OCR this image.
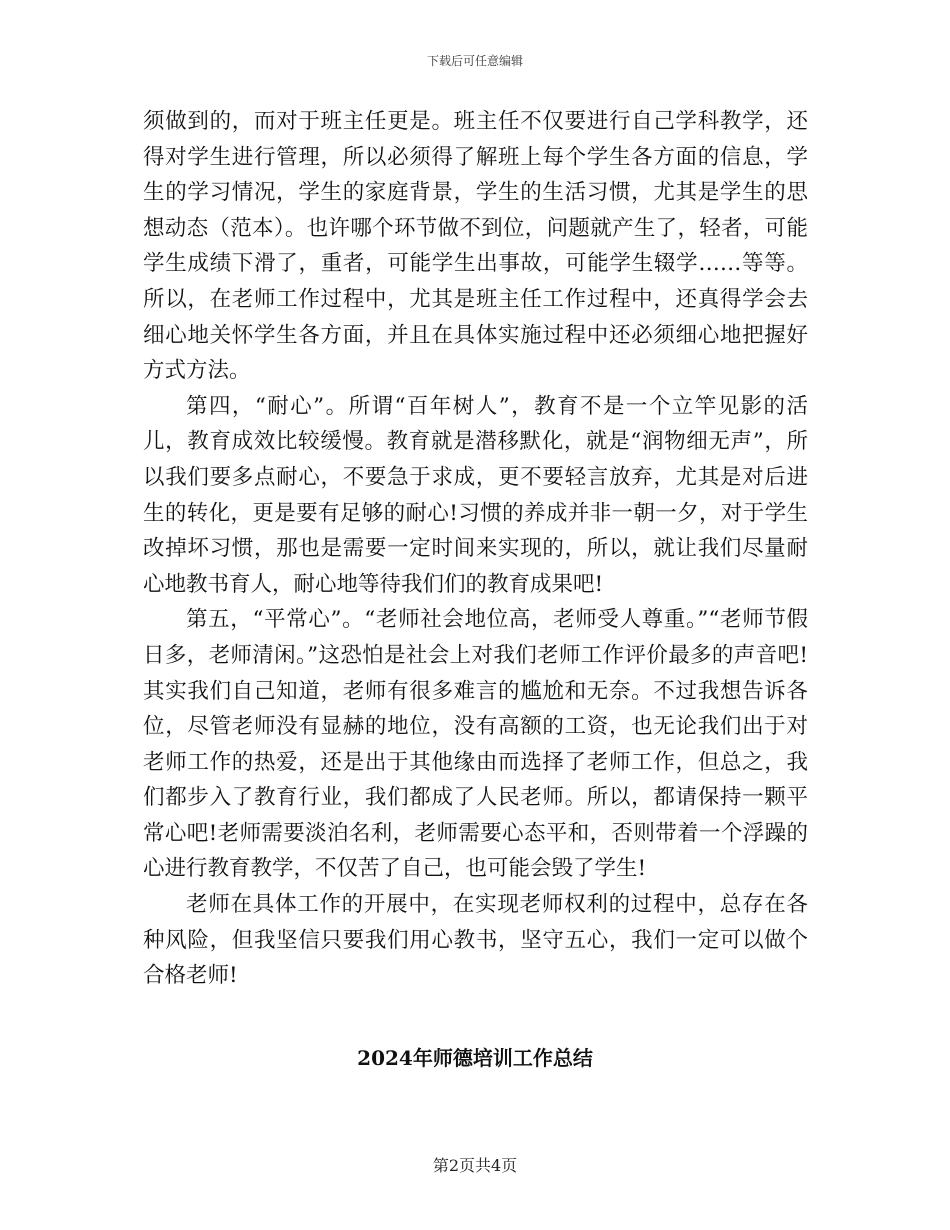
下载后可任意编辑

须做到的，而对于班主任更是。班主任不仅要进行自己学科教学，还得对学生进行管理，所以必须得了解班上每个学生各方面的信息，学生的学习情况，学生的家庭背景，学生的生活习惯，尤其是学生的思想动态（范本）。也许哪个环节做不到位，问题就产生了，轻者，可能学生成绩下滑了，重者，可能学生出事故，可能学生辍学……等等。所以，在老师工作过程中，尤其是班主任工作过程中，还真得学会去细心地关怀学生各方面，并且在具体实施过程中还必须细心地把握好方式方法。

第四，“耐心”。所谓“百年树人”，教育不是一个立竿见影的活儿，教育成效比较缓慢。教育就是潜移默化，就是“润物细无声”，所以我们要多点耐心，不要急于求成，更不要轻言放弃，尤其是对后进生的转化，更是要有足够的耐心!习惯的养成并非一朝一夕，对于学生改掉坏习惯，那也是需要一定时间来实现的，所以，就让我们尽量耐心地教书育人，耐心地等待我们们的教育成果吧!

第五，“平常心”。“老师社会地位高，老师受人尊重。”“老师节假日多，老师清闲。”这恐怕是社会上对我们老师工作评价最多的声音吧!其实我们自己知道，老师有很多难言的尴尬和无奈。不过我想告诉各位，尽管老师没有显赫的地位，没有高额的工资，也无论我们出于对老师工作的热爱，还是出于其他缘由而选择了老师工作，但总之，我们都步入了教育行业，我们都成了人民老师。所以，都请保持一颗平常心吧!老师需要淡泊名利，老师需要心态平和，否则带着一个浮躁的心进行教育教学，不仅苦了自己，也可能会毁了学生!

老师在具体工作的开展中，在实现老师权利的过程中，总存在各种风险，但我坚信只要我们用心教书，坚守五心，我们一定可以做个合格老师!

2024年师德培训工作总结
第2页共4页
